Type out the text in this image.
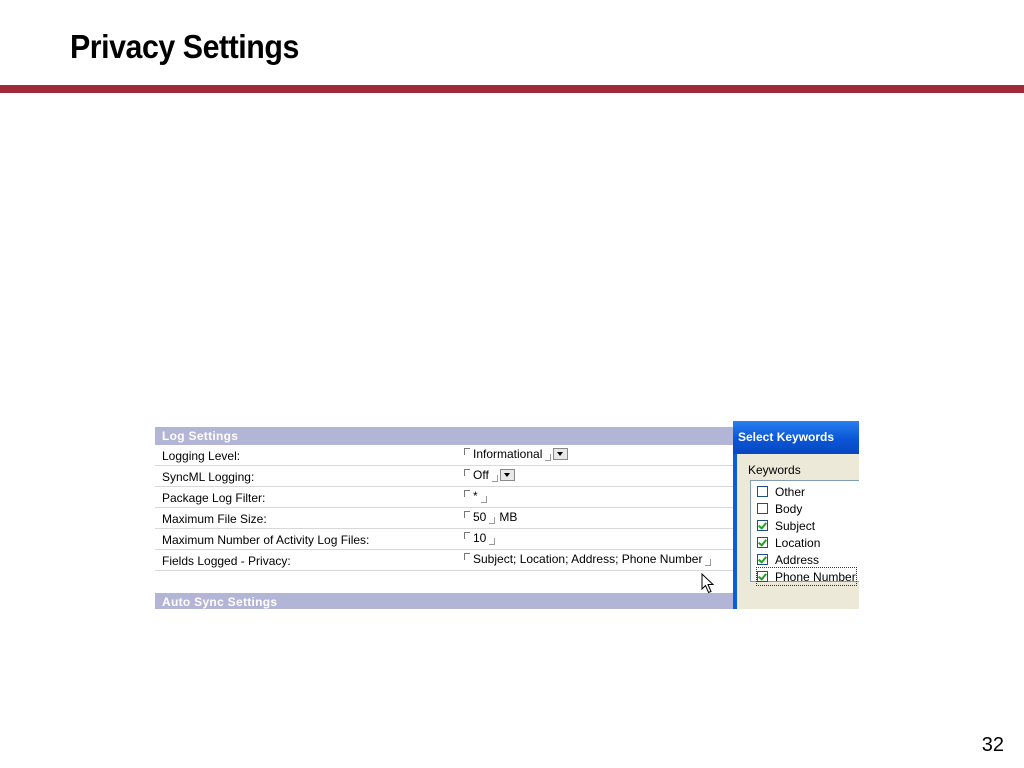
Privacy Settings
Log Settings
Logging Level:	Informational
SyncML Logging:	Off
Package Log Filter:	*
Maximum File Size:	50 MB
Maximum Number of Activity Log Files:	10
Fields Logged - Privacy:	Subject; Location; Address; Phone Number
Auto Sync Settings
Select Keywords
Keywords
Other
Body
Subject
Location
Address
Phone Number
32
